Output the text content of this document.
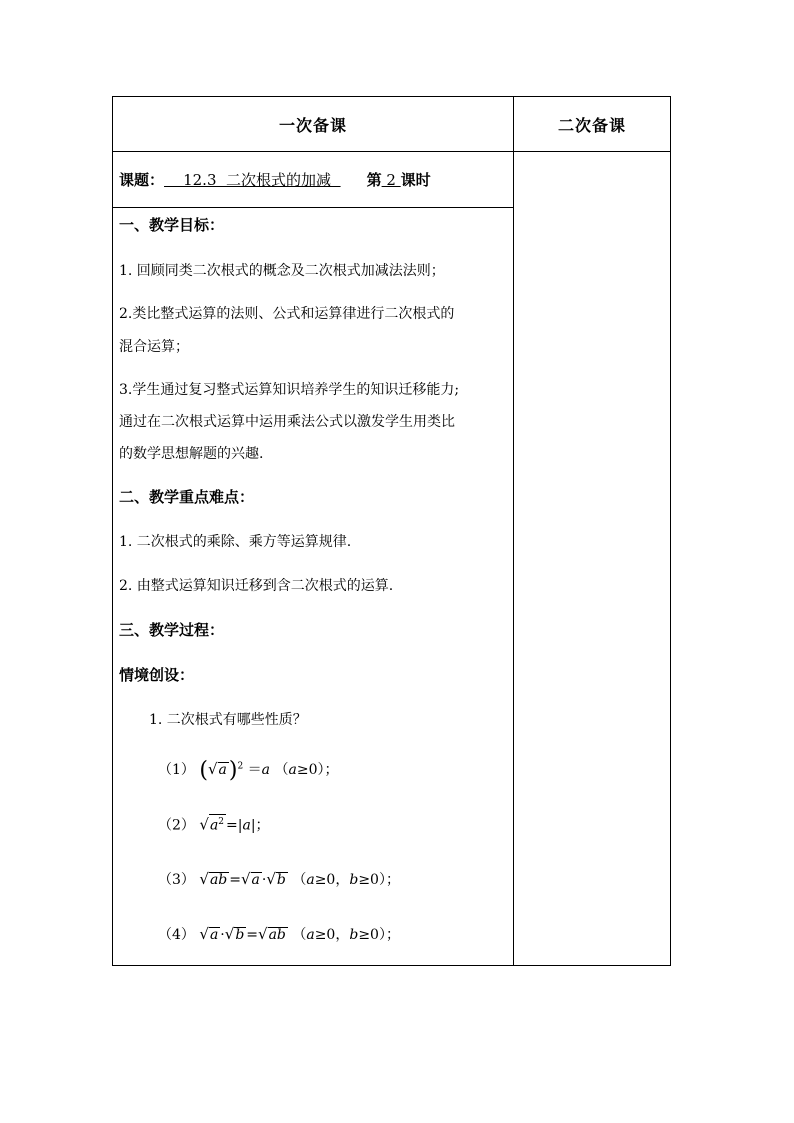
一次备课	二次备课
课题： 12.3  二次根式的加减 第 2 课时
一、教学目标：
1. 回顾同类二次根式的概念及二次根式加减法法则；
2.类比整式运算的法则、公式和运算律进行二次根式的
混合运算；
3.学生通过复习整式运算知识培养学生的知识迁移能力;
通过在二次根式运算中运用乘法公式以激发学生用类比
的数学思想解题的兴趣.
二、教学重点难点：
1. 二次根式的乘除、乘方等运算规律.
2. 由整式运算知识迁移到含二次根式的运算.
三、教学过程：
情境创设：
1. 二次根式有哪些性质？
（1） $(√a)^2 =a$ （a≥0）；
（2） $√a^2 =|a|$；
（3） √ab =√a ·√b （a≥0，b≥0）；
（4） √a ·√b =√ab （a≥0，b≥0）；
